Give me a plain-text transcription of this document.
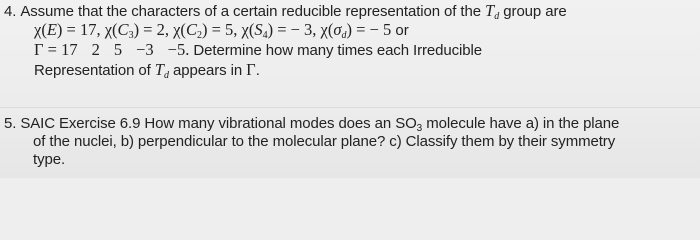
4. Assume that the characters of a certain reducible representation of the $T_d$ group are
χ(E) = 17, $\chi(C_3) = 2$, $\chi(C_2) = 5$, $\chi(S_4)$ = − 3, $\chi(\sigma_d)$ = − 5 or
Γ = 17 2 5 −3 −5. Determine how many times each Irreducible
Representation of $T_d$ appears in Γ.
5. SAIC Exercise 6.9 How many vibrational modes does an $SO_3$ molecule have a) in the plane
of the nuclei, b) perpendicular to the molecular plane? c) Classify them by their symmetry
type.
